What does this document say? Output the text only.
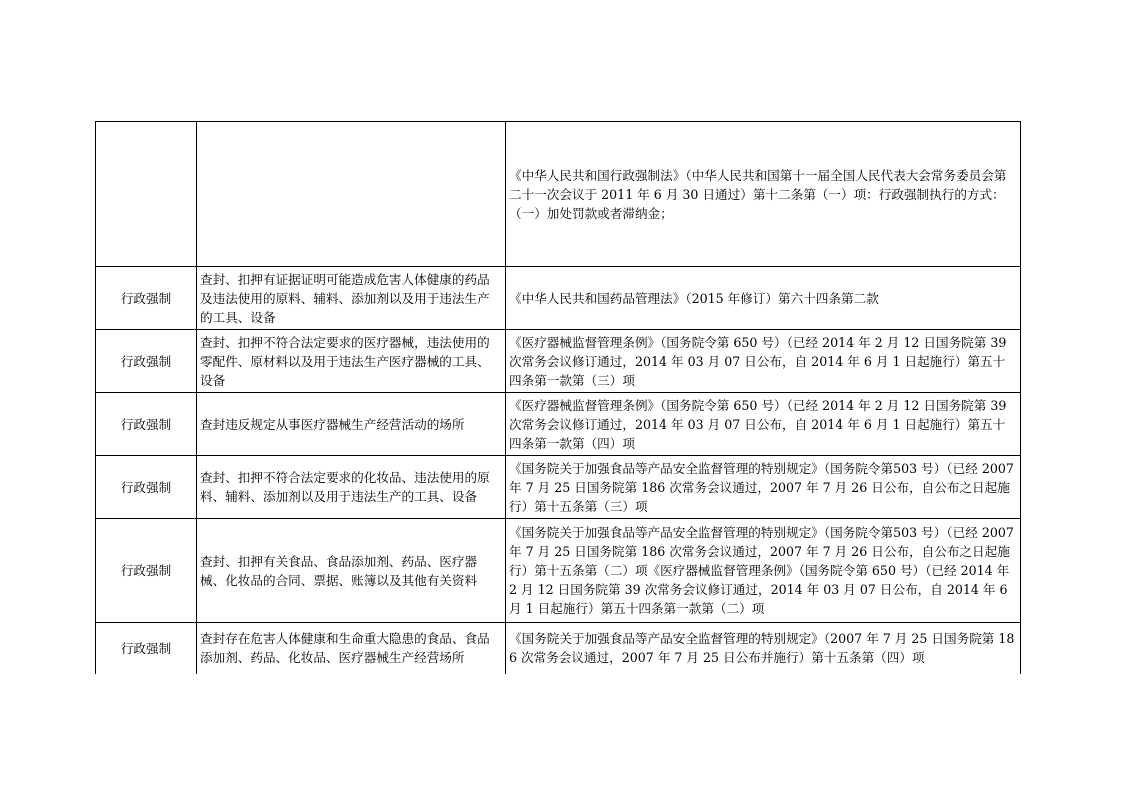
		《中华人民共和国行政强制法》（中华人民共和国第十一届全国人民代表大会常务委员会第二十一次会议于 2011 年 6 月 30 日通过）第十二条第（一）项：行政强制执行的方式：（一）加处罚款或者滞纳金；
行政强制	查封、扣押有证据证明可能造成危害人体健康的药品及违法使用的原料、辅料、添加剂以及用于违法生产的工具、设备	《中华人民共和国药品管理法》（2015 年修订）第六十四条第二款
行政强制	查封、扣押不符合法定要求的医疗器械，违法使用的零配件、原材料以及用于违法生产医疗器械的工具、设备	《医疗器械监督管理条例》（国务院令第 650 号）（已经 2014 年 2 月 12 日国务院第 39 次常务会议修订通过，2014 年 03 月 07 日公布，自 2014 年 6 月 1 日起施行）第五十四条第一款第（三）项
行政强制	查封违反规定从事医疗器械生产经营活动的场所	《医疗器械监督管理条例》（国务院令第 650 号）（已经 2014 年 2 月 12 日国务院第 39 次常务会议修订通过，2014 年 03 月 07 日公布，自 2014 年 6 月 1 日起施行）第五十四条第一款第（四）项
行政强制	查封、扣押不符合法定要求的化妆品、违法使用的原料、辅料、添加剂以及用于违法生产的工具、设备	《国务院关于加强食品等产品安全监督管理的特别规定》（国务院令第503 号）（已经 2007 年 7 月 25 日国务院第 186 次常务会议通过，2007 年 7 月 26 日公布，自公布之日起施行）第十五条第（三）项
行政强制	查封、扣押有关食品、食品添加剂、药品、医疗器械、化妆品的合同、票据、账簿以及其他有关资料	《国务院关于加强食品等产品安全监督管理的特别规定》（国务院令第503 号）（已经 2007 年 7 月 25 日国务院第 186 次常务会议通过，2007 年 7 月 26 日公布，自公布之日起施行）第十五条第（二）项《医疗器械监督管理条例》（国务院令第 650 号）（已经 2014 年 2 月 12 日国务院第 39 次常务会议修订通过，2014 年 03 月 07 日公布，自 2014 年 6 月 1 日起施行）第五十四条第一款第（二）项
行政强制	查封存在危害人体健康和生命重大隐患的食品、食品添加剂、药品、化妆品、医疗器械生产经营场所	《国务院关于加强食品等产品安全监督管理的特别规定》（2007 年 7 月 25 日国务院第 186 次常务会议通过，2007 年 7 月 25 日公布并施行）第十五条第（四）项
